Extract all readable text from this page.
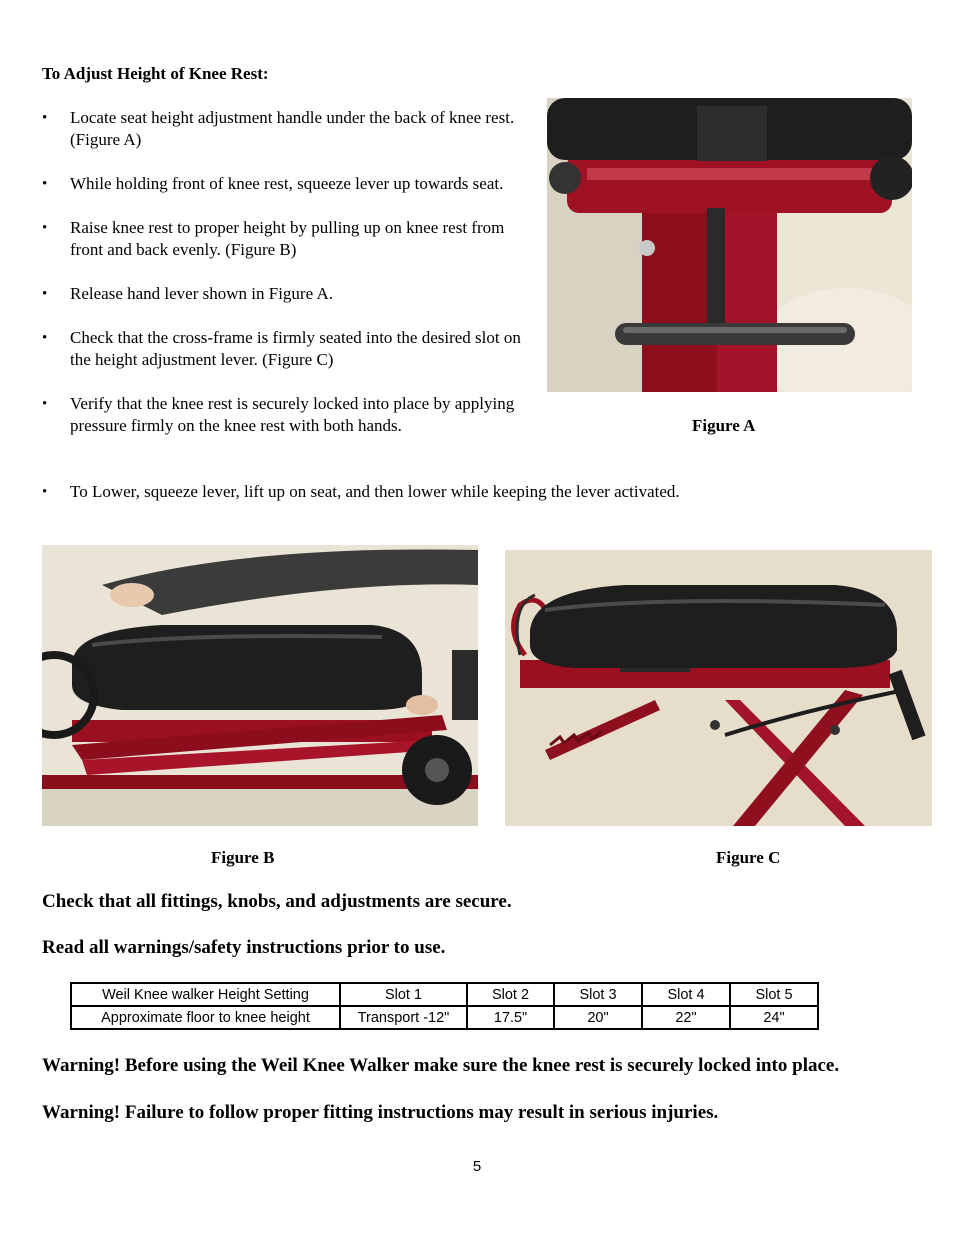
To Adjust Height of Knee Rest:
• Locate seat height adjustment handle under the back of knee rest.(Figure A)
• While holding front of knee rest, squeeze lever up towards seat.
• Raise knee rest to proper height by pulling up on knee rest from front and back evenly. (Figure B)
• Release hand lever shown in Figure A.
• Check that the cross-frame is firmly seated into the desired slot on the height adjustment lever. (Figure C)
• Verify that the knee rest is securely locked into place by applying pressure firmly on the knee rest with both hands.
• To Lower, squeeze lever, lift up on seat, and then lower while keeping the lever activated.
Figure A
Figure B	Figure C
Check that all fittings, knobs, and adjustments are secure.
Read all warnings/safety instructions prior to use.
Weil Knee walker Height Setting	Slot 1	Slot 2	Slot 3	Slot 4	Slot 5
Approximate floor to knee height	Transport -12"	17.5"	20"	22"	24"
Warning! Before using the Weil Knee Walker make sure the knee rest is securely locked into place.
Warning! Failure to follow proper fitting instructions may result in serious injuries.
5
